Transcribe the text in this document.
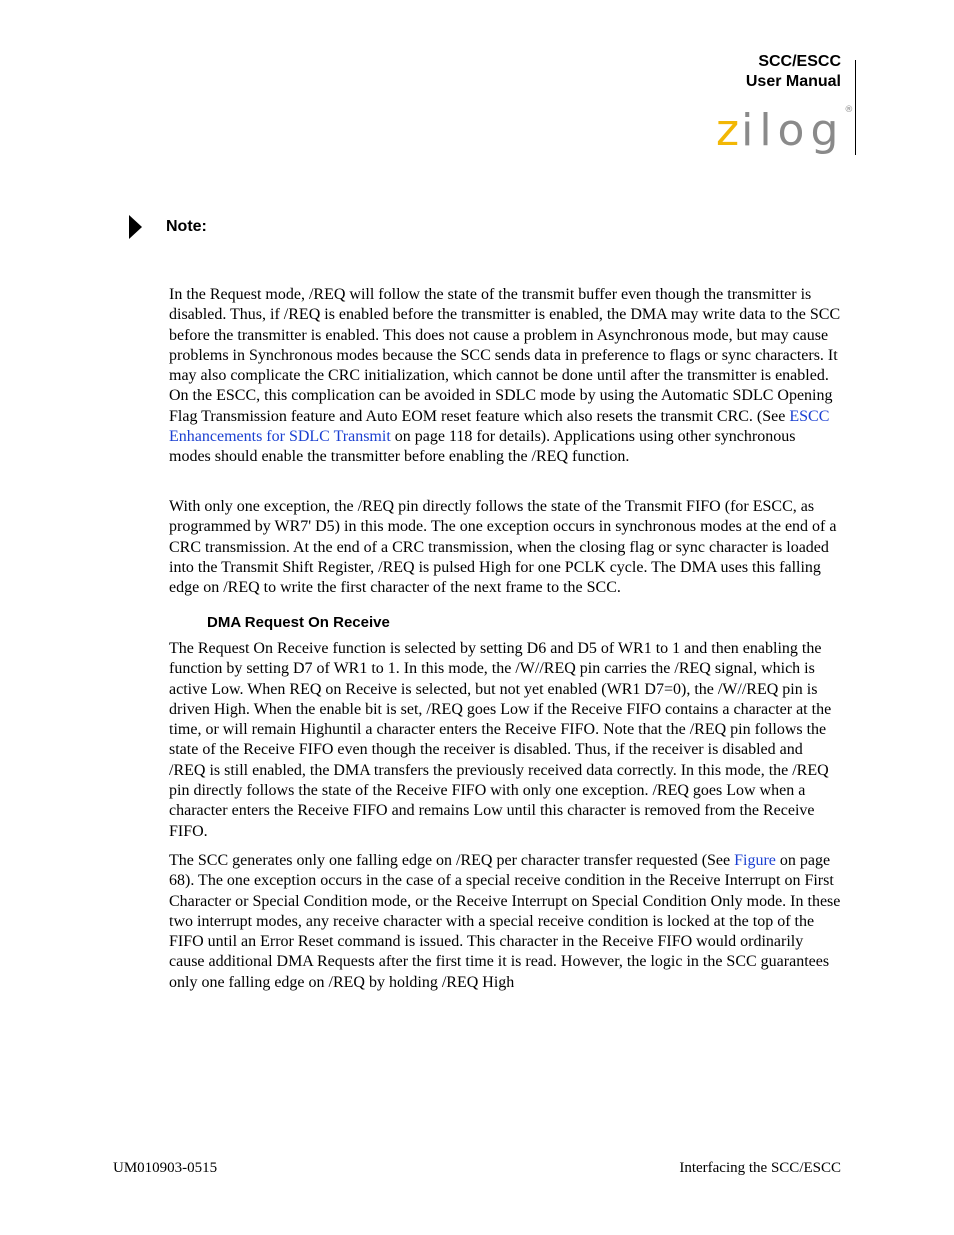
SCC/ESCC
User Manual
zilog®
Note:

In the Request mode, /REQ will follow the state of the transmit buffer even though the transmitter is disabled. Thus, if /REQ is enabled before the transmitter is enabled, the DMA may write data to the SCC before the transmitter is enabled. This does not cause a problem in Asynchronous mode, but may cause problems in Synchronous modes because the SCC sends data in preference to flags or sync characters. It may also complicate the CRC initialization, which cannot be done until after the transmitter is enabled. On the ESCC, this complication can be avoided in SDLC mode by using the Automatic SDLC Opening Flag Transmission feature and Auto EOM reset feature which also resets the transmit CRC. (See ESCC Enhancements for SDLC Transmit on page 118 for details). Applications using other synchronous modes should enable the transmitter before enabling the /REQ function.

With only one exception, the /REQ pin directly follows the state of the Transmit FIFO (for ESCC, as programmed by WR7' D5) in this mode. The one exception occurs in synchronous modes at the end of a CRC transmission. At the end of a CRC transmission, when the closing flag or sync character is loaded into the Transmit Shift Register, /REQ is pulsed High for one PCLK cycle. The DMA uses this falling edge on /REQ to write the first character of the next frame to the SCC.

DMA Request On Receive

The Request On Receive function is selected by setting D6 and D5 of WR1 to 1 and then enabling the function by setting D7 of WR1 to 1. In this mode, the /W//REQ pin carries the /REQ signal, which is active Low. When REQ on Receive is selected, but not yet enabled (WR1 D7=0), the /W//REQ pin is driven High. When the enable bit is set, /REQ goes Low if the Receive FIFO contains a character at the time, or will remain Highuntil a character enters the Receive FIFO. Note that the /REQ pin follows the state of the Receive FIFO even though the receiver is disabled. Thus, if the receiver is disabled and /REQ is still enabled, the DMA transfers the previously received data correctly. In this mode, the /REQ pin directly follows the state of the Receive FIFO with only one exception. /REQ goes Low when a character enters the Receive FIFO and remains Low until this character is removed from the Receive FIFO.

The SCC generates only one falling edge on /REQ per character transfer requested (See Figure on page 68). The one exception occurs in the case of a special receive condition in the Receive Interrupt on First Character or Special Condition mode, or the Receive Interrupt on Special Condition Only mode. In these two interrupt modes, any receive character with a special receive condition is locked at the top of the FIFO until an Error Reset command is issued. This character in the Receive FIFO would ordinarily cause additional DMA Requests after the first time it is read. However, the logic in the SCC guarantees only one falling edge on /REQ by holding /REQ High

UM010903-0515	Interfacing the SCC/ESCC
